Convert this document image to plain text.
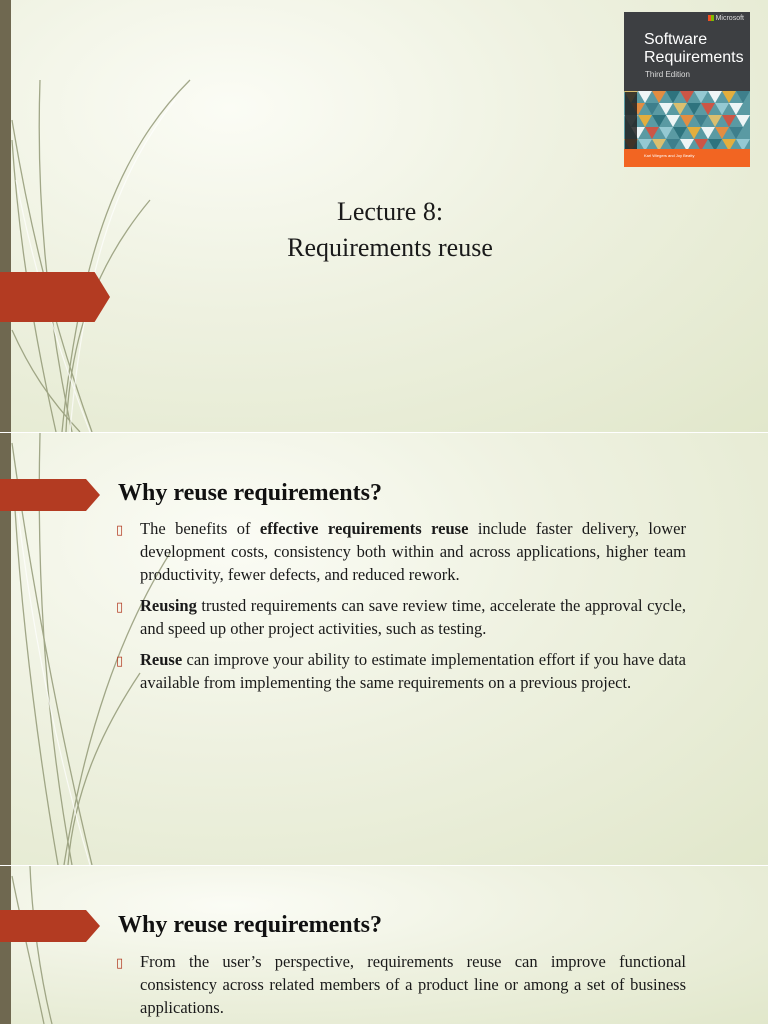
Lecture 8:
Requirements reuse
Microsoft
Software
Requirements
Third Edition
Karl Wiegers and Joy Beatty
Why reuse requirements?
▯ The benefits of effective requirements reuse include faster delivery, lower development costs, consistency both within and across applications, higher team productivity, fewer defects, and reduced rework.
▯ Reusing trusted requirements can save review time, accelerate the approval cycle, and speed up other project activities, such as testing.
▯ Reuse can improve your ability to estimate implementation effort if you have data available from implementing the same requirements on a previous project.
Why reuse requirements?
▯ From the user’s perspective, requirements reuse can improve functional consistency across related members of a product line or among a set of business applications.
